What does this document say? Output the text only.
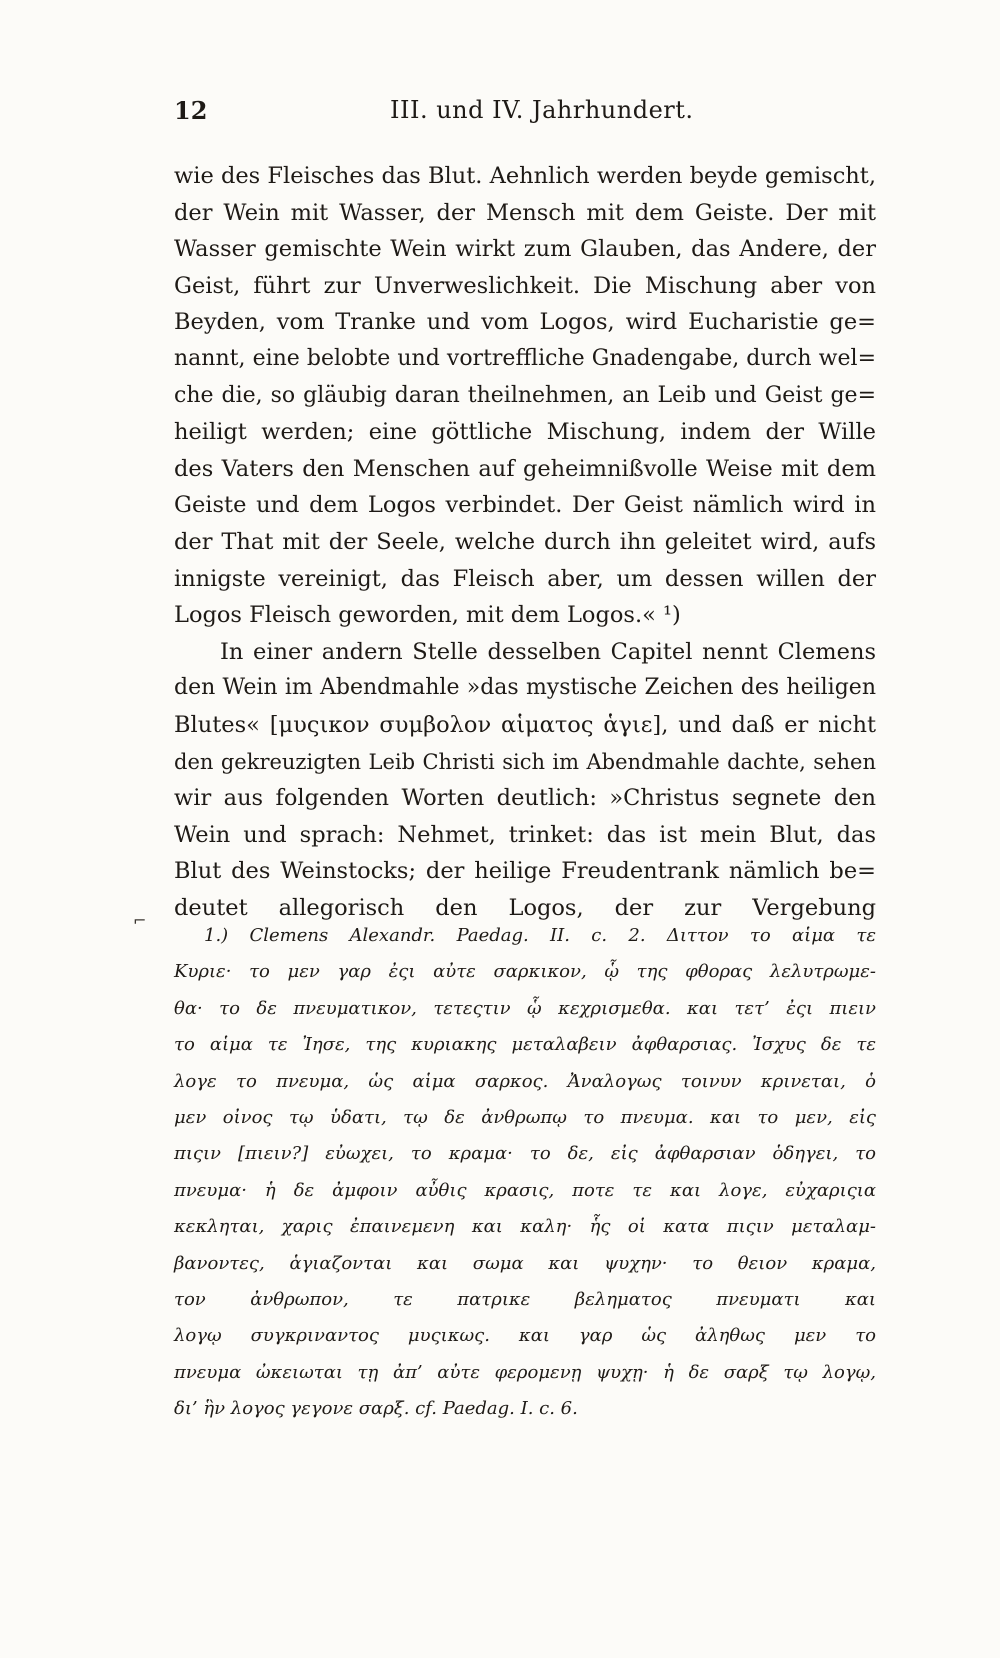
12	III. und IV. Jahrhundert.
wie des Fleisches das Blut. Aehnlich werden beyde gemischt,
der Wein mit Wasser, der Mensch mit dem Geiste. Der mit
Wasser gemischte Wein wirkt zum Glauben, das Andere, der
Geist, führt zur Unverweslichkeit. Die Mischung aber von
Beyden, vom Tranke und vom Logos, wird Eucharistie ge=
nannt, eine belobte und vortreffliche Gnadengabe, durch wel=
che die, so gläubig daran theilnehmen, an Leib und Geist ge=
heiligt werden; eine göttliche Mischung, indem der Wille
des Vaters den Menschen auf geheimnißvolle Weise mit dem
Geiste und dem Logos verbindet. Der Geist nämlich wird in
der That mit der Seele, welche durch ihn geleitet wird, aufs
innigste vereinigt, das Fleisch aber, um dessen willen der
Logos Fleisch geworden, mit dem Logos.« ¹)
In einer andern Stelle desselben Capitel nennt Clemens
den Wein im Abendmahle »das mystische Zeichen des heiligen
Blutes« [μυςικον συμβολον αἱματος ἁγιε], und daß er nicht
den gekreuzigten Leib Christi sich im Abendmahle dachte, sehen
wir aus folgenden Worten deutlich: »Christus segnete den
Wein und sprach: Nehmet, trinket: das ist mein Blut, das
Blut des Weinstocks; der heilige Freudentrank nämlich be=
deutet allegorisch den Logos, der zur Vergebung
⌐
1.) Clemens Alexandr. Paedag. II. c. 2. Διττον το αἱμα τε
Κυριε· το μεν γαρ ἐςι αὐτε σαρκικον, ᾧ της φθορας λελυτρωμε-
θα· το δε πνευματικον, τετεςτιν ᾧ κεχρισμεθα. και τετ’ ἐςι πιειν
το αἱμα τε Ἰησε, της κυριακης μεταλαβειν ἀφθαρσιας. Ἰσχυς δε τε
λογε το πνευμα, ὡς αἱμα σαρκος. Ἀναλογως τοινυν κρινεται, ὁ
μεν οἰνος τῳ ὑδατι, τῳ δε ἀνθρωπῳ το πνευμα. και το μεν, εἰς
πιςιν [πιειν?] εὐωχει, το κραμα· το δε, εἰς ἀφθαρσιαν ὁδηγει, το
πνευμα· ἡ δε ἀμφοιν αὖθις κρασις, ποτε τε και λογε, εὐχαριςια
κεκληται, χαρις ἐπαινεμενη και καλη· ἧς οἱ κατα πιςιν μεταλαμ-
βανοντες, ἁγιαζονται και σωμα και ψυχην· το θειον κραμα,
τον ἀνθρωπον, τε πατρικε βεληματος πνευματι και
λογῳ συγκριναντος μυςικως. και γαρ ὡς ἀληθως μεν το
πνευμα ὠκειωται τῃ ἀπ’ αὐτε φερομενῃ ψυχῃ· ἡ δε σαρξ τῳ λογῳ,
δι’ ἣν λογος γεγονε σαρξ. cf. Paedag. I. c. 6.
